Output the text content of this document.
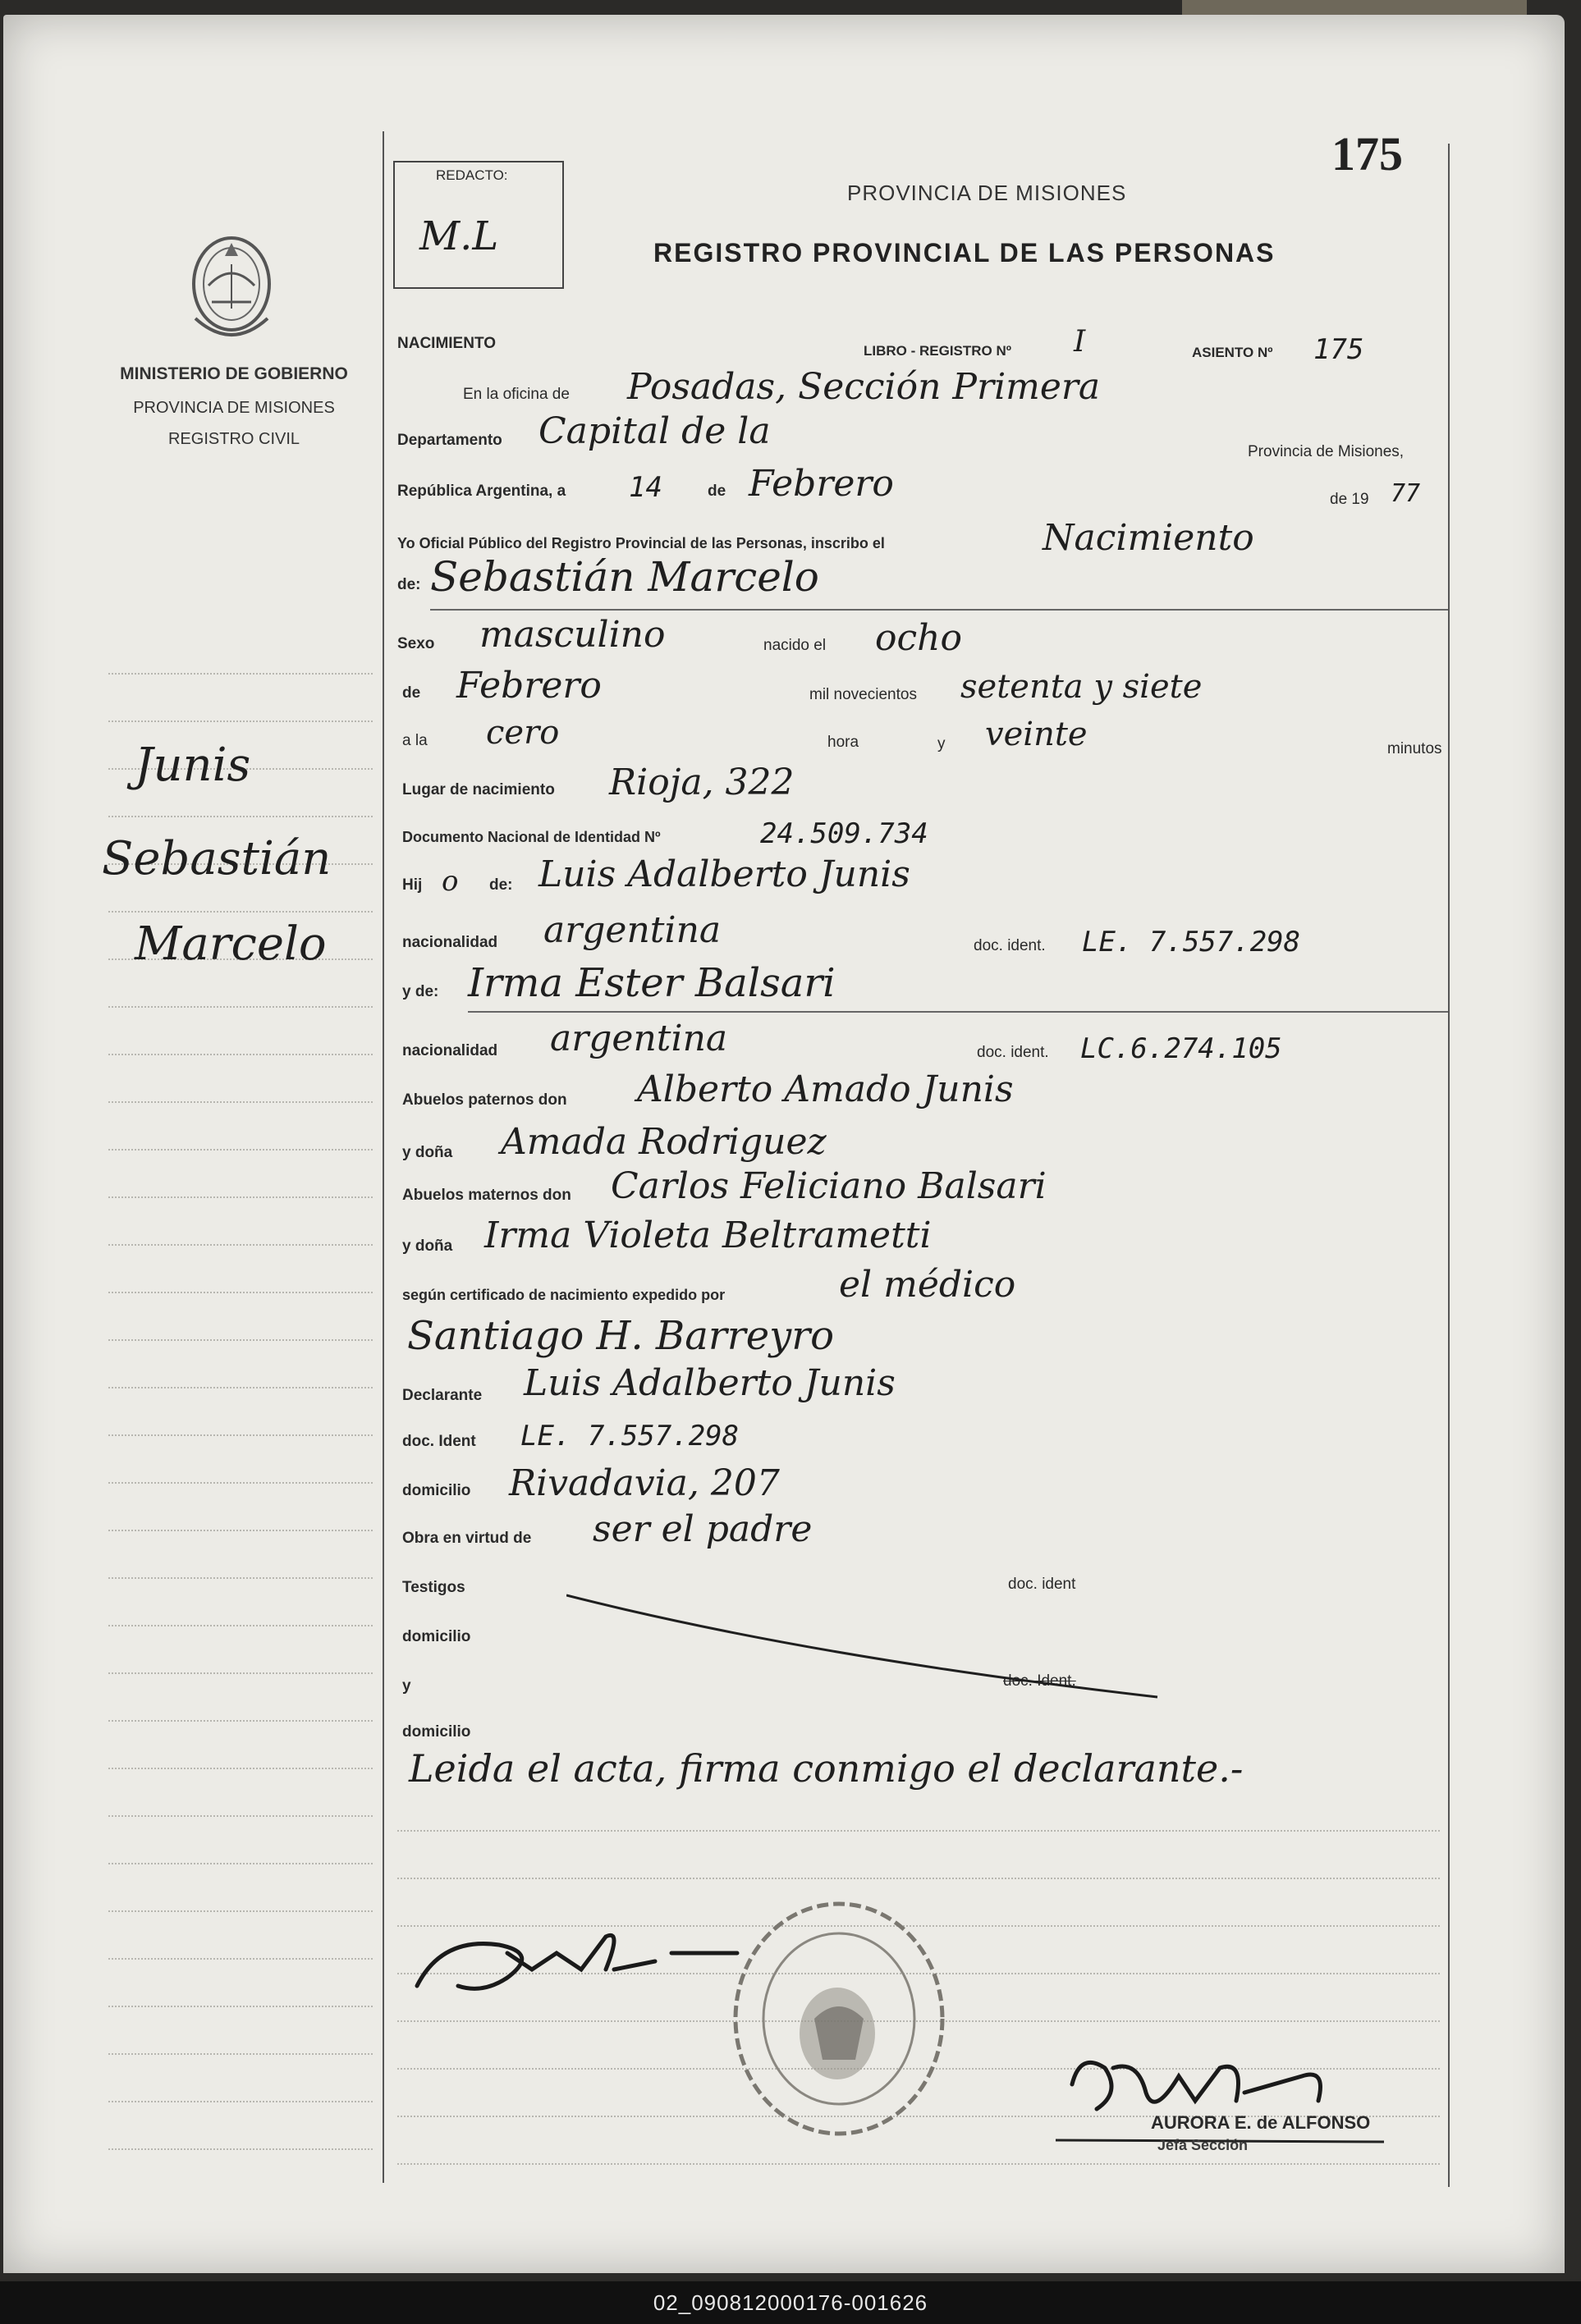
175
REDACTO:
M.L
PROVINCIA DE MISIONES
REGISTRO PROVINCIAL DE LAS PERSONAS
MINISTERIO DE GOBIERNO
PROVINCIA DE MISIONES
REGISTRO CIVIL
Junis
Sebastián
Marcelo
NACIMIENTO	LIBRO - REGISTRO Nº I	ASIENTO Nº 175
En la oficina de Posadas, Sección Primera
Departamento Capital de la	Provincia de Misiones,
República Argentina, a 14	de Febrero	de 19 77
Yo Oficial Público del Registro Provincial de las Personas, inscribo el	Nacimiento
de: Sebastián Marcelo
Sexo masculino	nacido el ocho
de Febrero	mil novecientos setenta y siete
a la cero	hora	y veinte	minutos
Lugar de nacimiento Rioja, 322
Documento Nacional de Identidad Nº	24.509.734
Hij o de: Luis Adalberto Junis
nacionalidad argentina	doc. ident. LE. 7.557.298
y de: Irma Ester Balsari
nacionalidad argentina	doc. ident. LC.6.274.105
Abuelos paternos don Alberto Amado Junis
y doña Amada Rodriguez
Abuelos maternos don Carlos Feliciano Balsari
y doña Irma Violeta Beltrametti
según certificado de nacimiento expedido por	el médico
Santiago H. Barreyro
Declarante Luis Adalberto Junis
doc. Ident LE. 7.557.298
domicilio Rivadavia, 207
Obra en virtud de ser el padre
Testigos	doc. ident
domicilio
y	doc. Ident.
domicilio
Leida el acta, firma conmigo el declarante.-
AURORA E. de ALFONSO
Jefa Sección
02_090812000176-001626
